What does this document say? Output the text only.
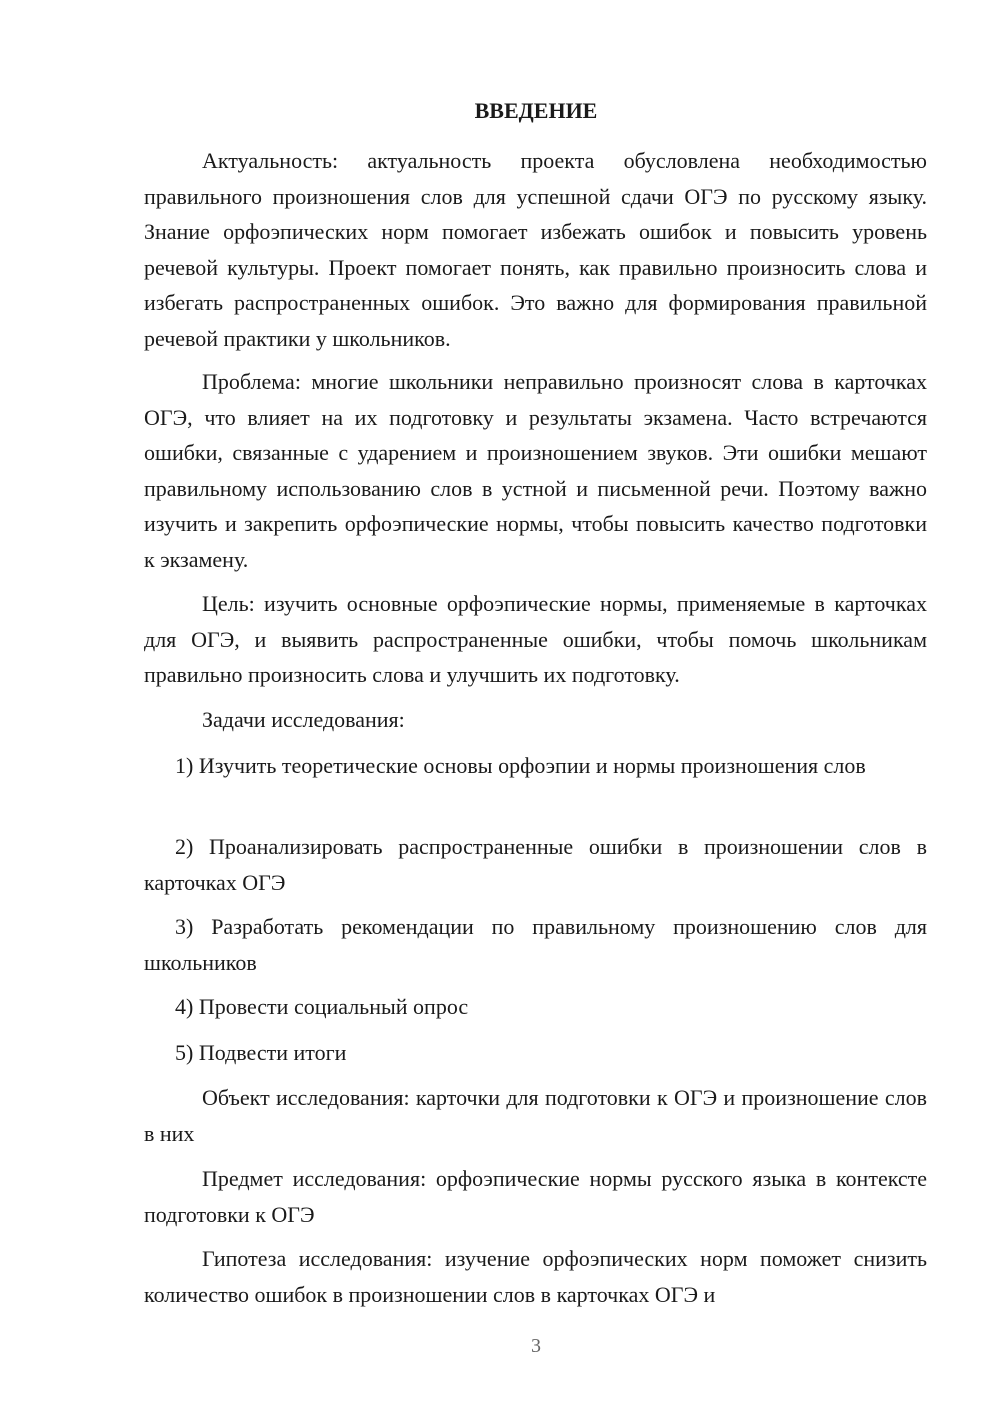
ВВЕДЕНИЕ

Актуальность: актуальность проекта обусловлена необходимостью правильного произношения слов для успешной сдачи ОГЭ по русскому языку. Знание орфоэпических норм помогает избежать ошибок и повысить уровень речевой культуры. Проект помогает понять, как правильно произносить слова и избегать распространенных ошибок. Это важно для формирования правильной речевой практики у школьников.

Проблема: многие школьники неправильно произносят слова в карточках ОГЭ, что влияет на их подготовку и результаты экзамена. Часто встречаются ошибки, связанные с ударением и произношением звуков. Эти ошибки мешают правильному использованию слов в устной и письменной речи. Поэтому важно изучить и закрепить орфоэпические нормы, чтобы повысить качество подготовки к экзамену.

Цель: изучить основные орфоэпические нормы, применяемые в карточках для ОГЭ, и выявить распространенные ошибки, чтобы помочь школьникам правильно произносить слова и улучшить их подготовку.

Задачи исследования:

1) Изучить теоретические основы орфоэпии и нормы произношения слов

2) Проанализировать распространенные ошибки в произношении слов в карточках ОГЭ

3) Разработать рекомендации по правильному произношению слов для школьников

4) Провести социальный опрос

5) Подвести итоги

Объект исследования: карточки для подготовки к ОГЭ и произношение слов в них

Предмет исследования: орфоэпические нормы русского языка в контексте подготовки к ОГЭ

Гипотеза исследования: изучение орфоэпических норм поможет снизить количество ошибок в произношении слов в карточках ОГЭ и

3
